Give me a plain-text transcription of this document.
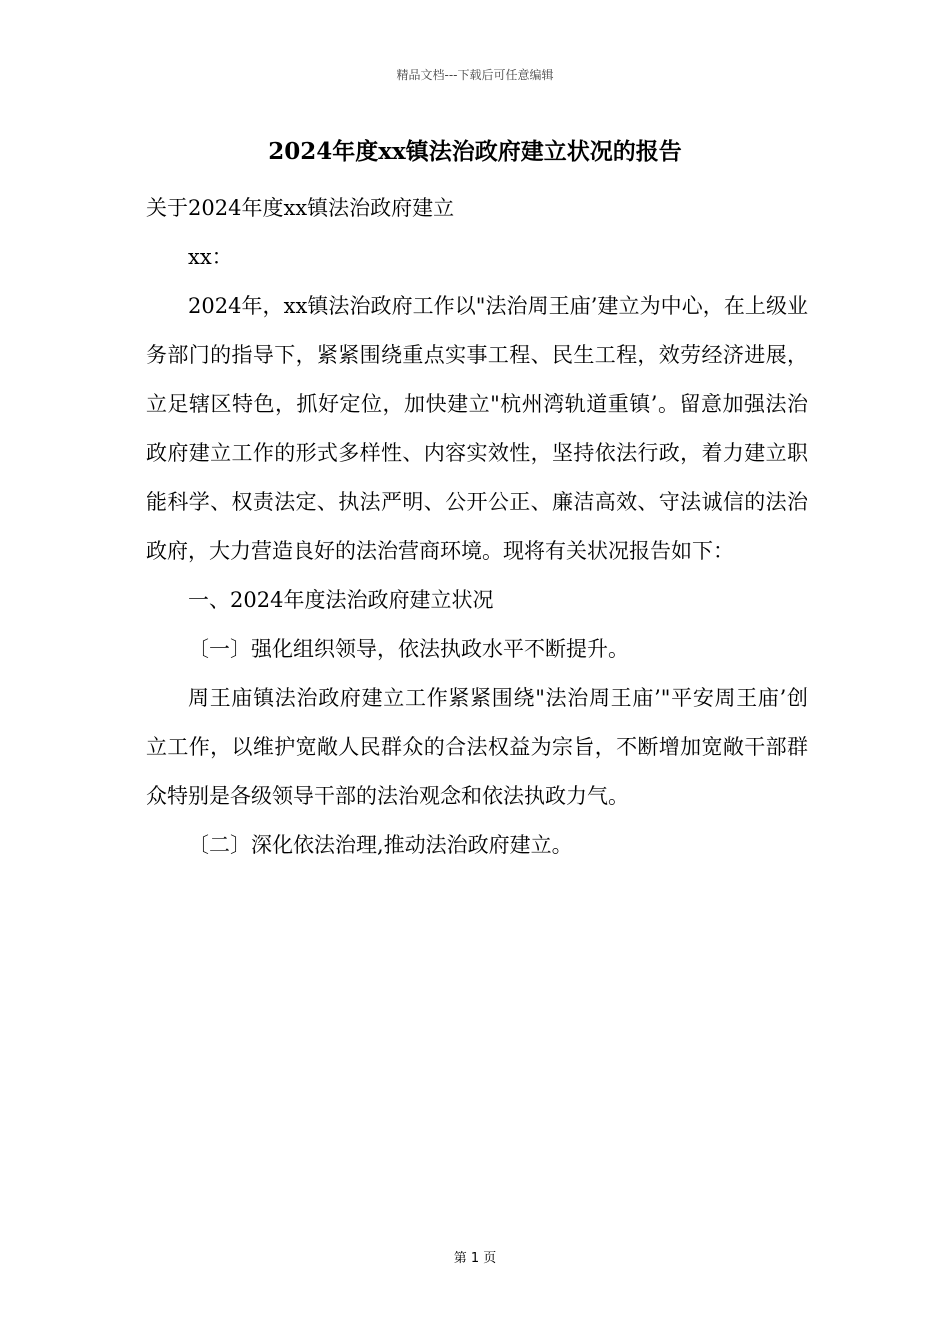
精品文档---下载后可任意编辑
2024年度xx镇法治政府建立状况的报告

关于2024年度xx镇法治政府建立

xx：

2024年，xx镇法治政府工作以"法治周王庙’建立为中心，在上级业务部门的指导下，紧紧围绕重点实事工程、民生工程，效劳经济进展，立足辖区特色，抓好定位，加快建立"杭州湾轨道重镇’。留意加强法治政府建立工作的形式多样性、内容实效性，坚持依法行政，着力建立职能科学、权责法定、执法严明、公开公正、廉洁高效、守法诚信的法治政府，大力营造良好的法治营商环境。现将有关状况报告如下：

一、2024年度法治政府建立状况

〔一〕强化组织领导，依法执政水平不断提升。

周王庙镇法治政府建立工作紧紧围绕"法治周王庙’"平安周王庙’创立工作，以维护宽敞人民群众的合法权益为宗旨，不断增加宽敞干部群众特别是各级领导干部的法治观念和依法执政力气。

〔二〕深化依法治理,推动法治政府建立。

第 1 页
